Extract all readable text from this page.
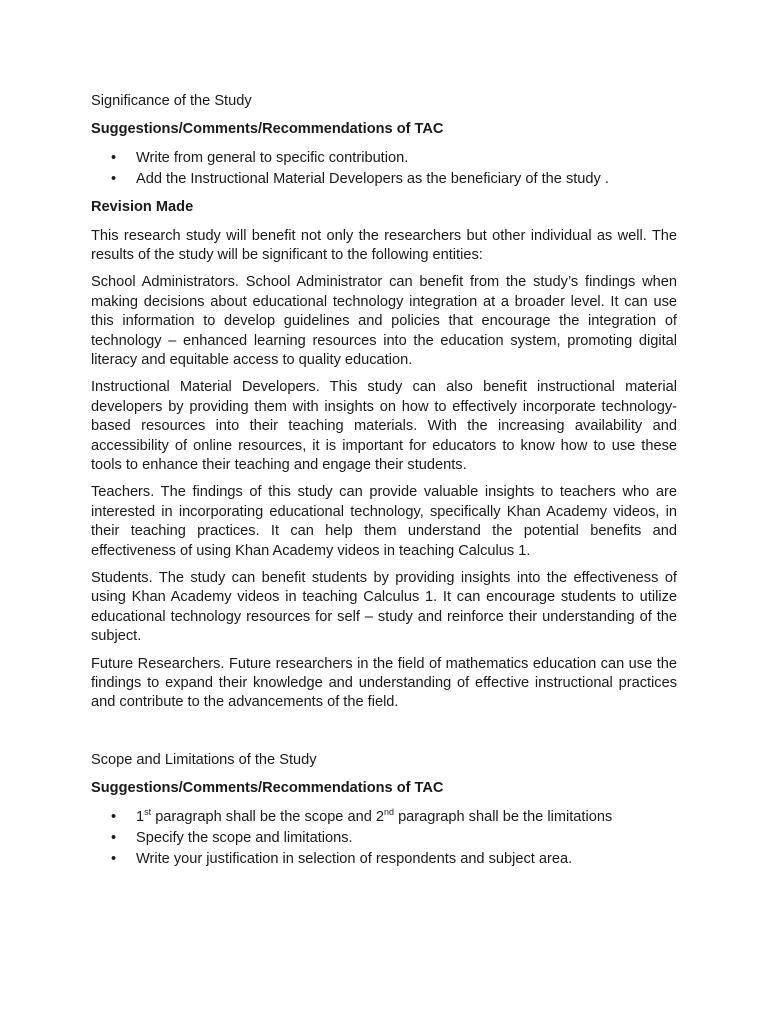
Significance of the Study
Suggestions/Comments/Recommendations of TAC
• Write from general to specific contribution.
• Add the Instructional Material Developers as the beneficiary of the study .
Revision Made

This research study will benefit not only the researchers but other individual as well. The results of the study will be significant to the following entities:

School Administrators. School Administrator can benefit from the study’s findings when making decisions about educational technology integration at a broader level. It can use this information to develop guidelines and policies that encourage the integration of technology – enhanced learning resources into the education system, promoting digital literacy and equitable access to quality education.

Instructional Material Developers. This study can also benefit instructional material developers by providing them with insights on how to effectively incorporate technology-based resources into their teaching materials. With the increasing availability and accessibility of online resources, it is important for educators to know how to use these tools to enhance their teaching and engage their students.

Teachers. The findings of this study can provide valuable insights to teachers who are interested in incorporating educational technology, specifically Khan Academy videos, in their teaching practices. It can help them understand the potential benefits and effectiveness of using Khan Academy videos in teaching Calculus 1.

Students. The study can benefit students by providing insights into the effectiveness of using Khan Academy videos in teaching Calculus 1. It can encourage students to utilize educational technology resources for self – study and reinforce their understanding of the subject.

Future Researchers. Future researchers in the field of mathematics education can use the findings to expand their knowledge and understanding of effective instructional practices and contribute to the advancements of the field.

Scope and Limitations of the Study
Suggestions/Comments/Recommendations of TAC
• 1st paragraph shall be the scope and 2nd paragraph shall be the limitations
• Specify the scope and limitations.
• Write your justification in selection of respondents and subject area.
